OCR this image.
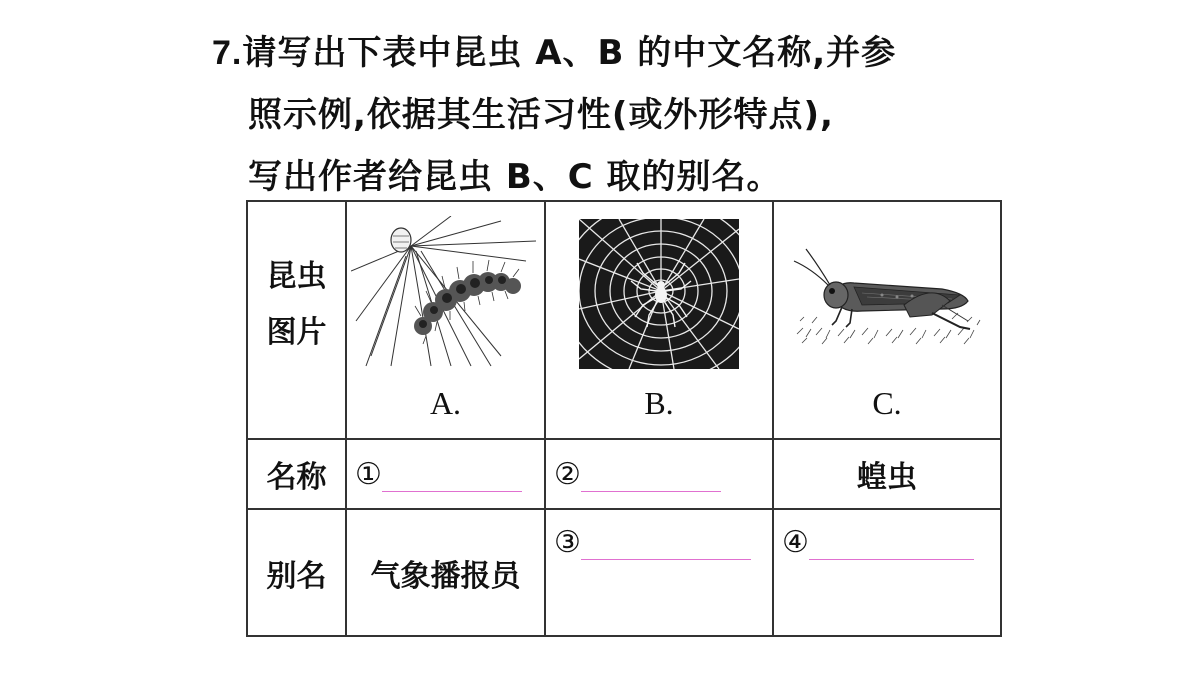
7.请写出下表中昆虫 A、B 的中文名称,并参
照示例,依据其生活习性(或外形特点),
写出作者给昆虫 B、C 取的别名。
昆虫
图片	A.	B.	C.

名称	①	②	蝗虫
别名	气象播报员	③	④
